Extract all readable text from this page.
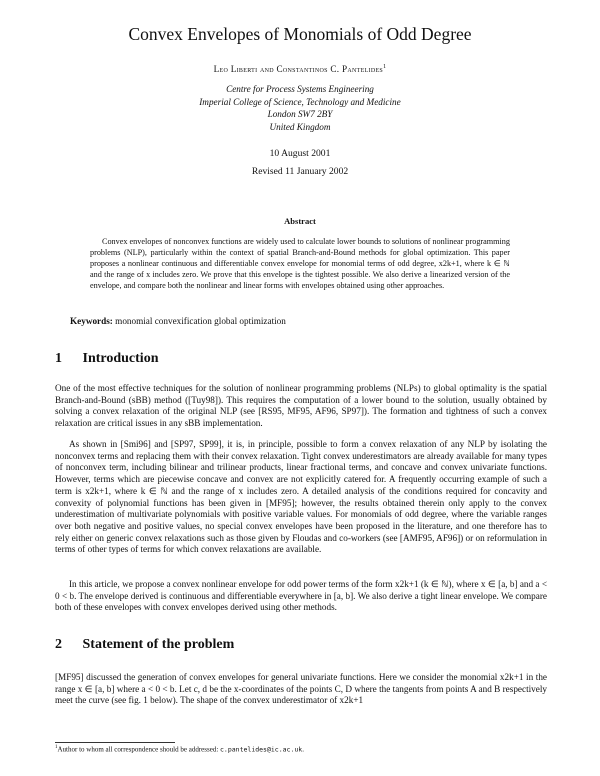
Convex Envelopes of Monomials of Odd Degree
Leo Liberti and Constantinos C. Pantelides$^1$
Centre for Process Systems Engineering
Imperial College of Science, Technology and Medicine
London SW7 2BY
United Kingdom
10 August 2001
Revised 11 January 2002
Abstract
Convex envelopes of nonconvex functions are widely used to calculate lower bounds to solutions of nonlinear programming problems (NLP), particularly within the context of spatial Branch-and-Bound methods for global optimization. This paper proposes a nonlinear continuous and differentiable convex envelope for monomial terms of odd degree, x2k+1, where k ∈ ℕ and the range of x includes zero. We prove that this envelope is the tightest possible. We also derive a linearized version of the envelope, and compare both the nonlinear and linear forms with envelopes obtained using other approaches.
Keywords: monomial convexification global optimization
1 Introduction
One of the most effective techniques for the solution of nonlinear programming problems (NLPs) to global optimality is the spatial Branch-and-Bound (sBB) method ([Tuy98]). This requires the computation of a lower bound to the solution, usually obtained by solving a convex relaxation of the original NLP (see [RS95, MF95, AF96, SP97]). The formation and tightness of such a convex relaxation are critical issues in any sBB implementation.
As shown in [Smi96] and [SP97, SP99], it is, in principle, possible to form a convex relaxation of any NLP by isolating the nonconvex terms and replacing them with their convex relaxation. Tight convex underestimators are already available for many types of nonconvex term, including bilinear and trilinear products, linear fractional terms, and concave and convex univariate functions. However, terms which are piecewise concave and convex are not explicitly catered for. A frequently occurring example of such a term is x2k+1, where k ∈ ℕ and the range of x includes zero. A detailed analysis of the conditions required for concavity and convexity of polynomial functions has been given in [MF95]; however, the results obtained therein only apply to the convex underestimation of multivariate polynomials with positive variable values. For monomials of odd degree, where the variable ranges over both negative and positive values, no special convex envelopes have been proposed in the literature, and one therefore has to rely either on generic convex relaxations such as those given by Floudas and co-workers (see [AMF95, AF96]) or on reformulation in terms of other types of terms for which convex relaxations are available.
In this article, we propose a convex nonlinear envelope for odd power terms of the form x2k+1 (k ∈ ℕ), where x ∈ [a, b] and a < 0 < b. The envelope derived is continuous and differentiable everywhere in [a, b]. We also derive a tight linear envelope. We compare both of these envelopes with convex envelopes derived using other methods.
2 Statement of the problem
[MF95] discussed the generation of convex envelopes for general univariate functions. Here we consider the monomial x2k+1 in the range x ∈ [a, b] where a < 0 < b. Let c, d be the x-coordinates of the points C, D where the tangents from points A and B respectively meet the curve (see fig. 1 below). The shape of the convex underestimator of x2k+1
$^1$Author to whom all correspondence should be addressed: c.pantelides@ic.ac.uk.
